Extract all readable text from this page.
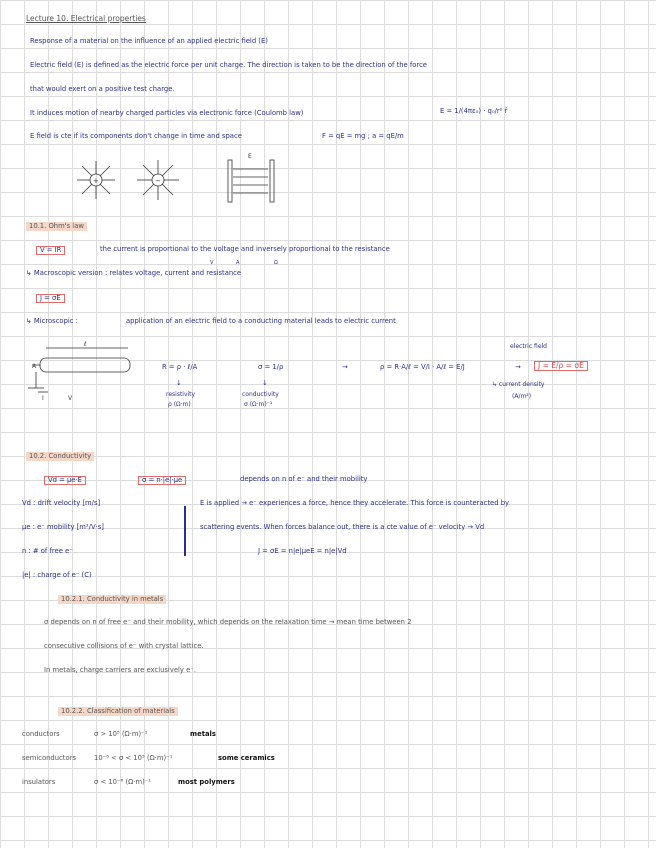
Lecture 10. Electrical properties
Response of a material on the influence of an applied electric field (E)
Electric field (E) is defined as the electric force per unit charge. The direction is taken to be the direction of the force
that would exert on a positive test charge.
It induces motion of nearby charged particles via electronic force (Coulomb law)	E = 1/(4πε₀) · q₀/r² r̂
E field is cte if its components don't change in time and space	F = qE = mg ; a = qE/m
+	−
E
10.1. Ohm's law
V = IR	the current is proportional to the voltage and inversely proportional to the resistance
V	A	Ω
↳ Macroscopic version : relates voltage, current and resistance
J = σE
↳ Microscopic :	application of an electric field to a conducting material leads to electric current
ℓ
A
I	V
R = ρ · ℓ/A
↓
resistivity
ρ (Ω·m)
σ = 1/ρ
↓
conductivity
σ (Ω·m)⁻¹
→	ρ = R·A/ℓ = V/I · A/ℓ = E/J
electric field
→	J = E/ρ = σE
↳ current density
(A/m²)
10.2. Conductivity
Vd = μe·E	σ = n·|e|·μe	depends on n of e⁻ and their mobility
Vd : drift velocity [m/s]
μe : e⁻ mobility [m²/V·s]
n : # of free e⁻
|e| : charge of e⁻ (C)
E is applied → e⁻ experiences a force, hence they accelerate. This force is counteracted by
scattering events. When forces balance out, there is a cte value of e⁻ velocity → Vd
J = σE = n|e|μeE = n|e|Vd
10.2.1. Conductivity in metals
σ depends on n of free e⁻ and their mobility, which depends on the relaxation time → mean time between 2
consecutive collisions of e⁻ with crystal lattice.
In metals, charge carriers are exclusively e⁻.
10.2.2. Classification of materials
conductors	σ > 10⁵ (Ω·m)⁻¹	metals
semiconductors	10⁻⁶ < σ < 10⁵ (Ω·m)⁻¹	some ceramics
insulators	σ < 10⁻⁶ (Ω·m)⁻¹	most polymers
